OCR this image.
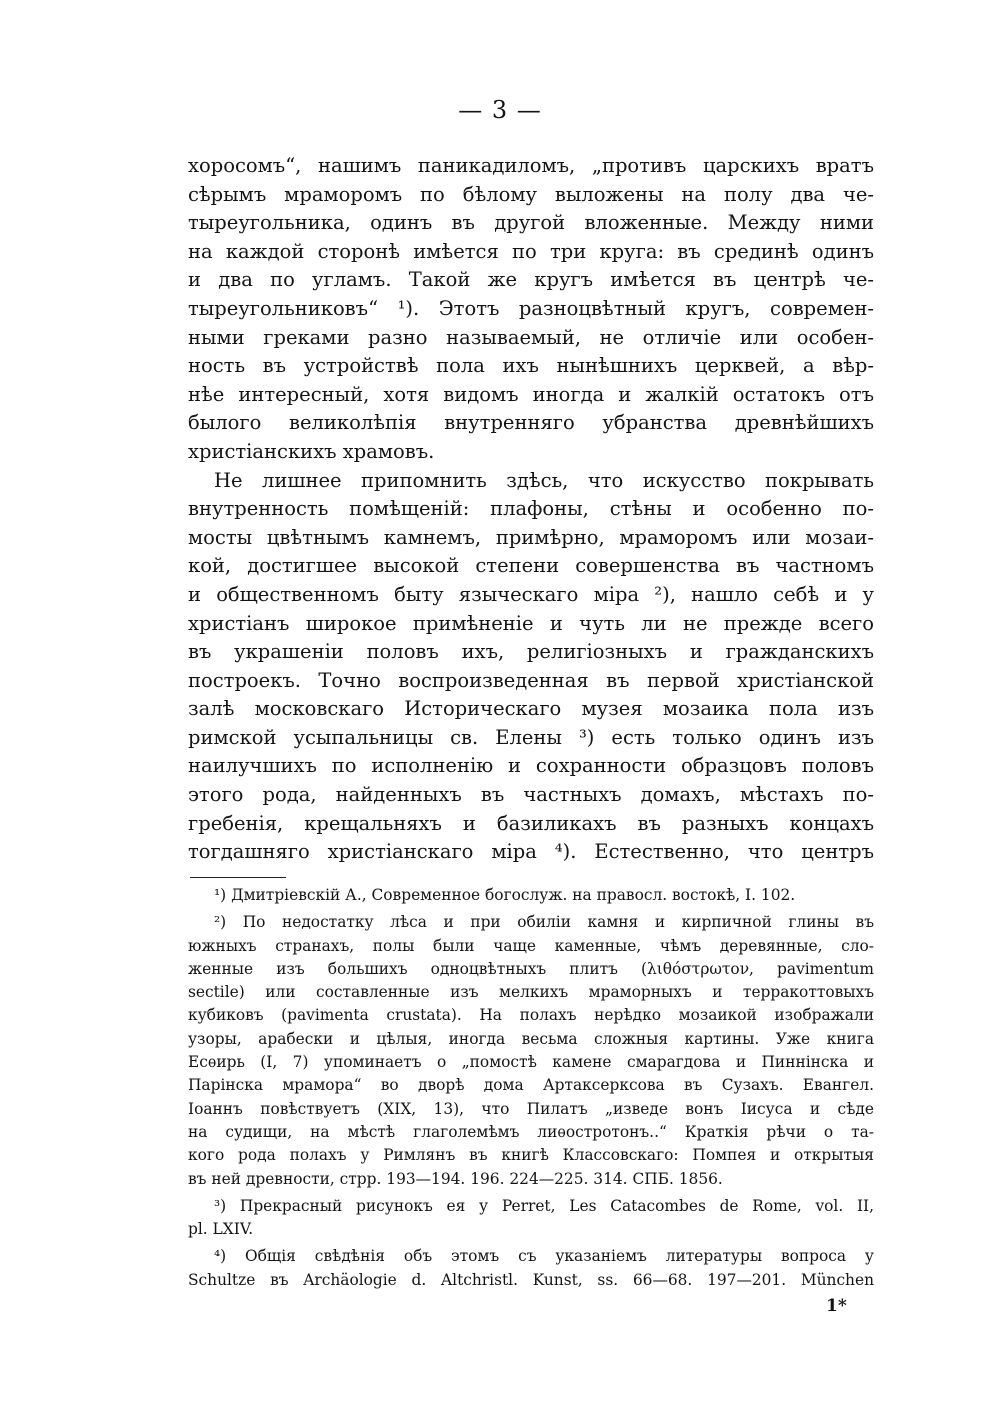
— 3 —
хоросомъ“, нашимъ паникадиломъ, „противъ царскихъ вратъ
сѣрымъ мраморомъ по бѣлому выложены на полу два че-
тыреугольника, одинъ въ другой вложенные. Между ними
на каждой сторонѣ имѣется по три круга: въ срединѣ одинъ
и два по угламъ. Такой же кругъ имѣется въ центрѣ че-
тыреугольниковъ“ ¹). Этотъ разноцвѣтный кругъ, современ-
ными греками разно называемый, не отличіе или особен-
ность въ устройствѣ пола ихъ нынѣшнихъ церквей, а вѣр-
нѣе интересный, хотя видомъ иногда и жалкій остатокъ отъ
былого великолѣпія внутренняго убранства древнѣйшихъ
христіанскихъ храмовъ.
Не лишнее припомнить здѣсь, что искусство покрывать
внутренность помѣщеній: плафоны, стѣны и особенно по-
мосты цвѣтнымъ камнемъ, примѣрно, мраморомъ или мозаи-
кой, достигшее высокой степени совершенства въ частномъ
и общественномъ быту языческаго міра ²), нашло себѣ и у
христіанъ широкое примѣненіе и чуть ли не прежде всего
въ украшеніи половъ ихъ, религіозныхъ и гражданскихъ
построекъ. Точно воспроизведенная въ первой христіанской
залѣ московскаго Историческаго музея мозаика пола изъ
римской усыпальницы св. Елены ³) есть только одинъ изъ
наилучшихъ по исполненію и сохранности образцовъ половъ
этого рода, найденныхъ въ частныхъ домахъ, мѣстахъ по-
гребенія, крещальняхъ и базиликахъ въ разныхъ концахъ
тогдашняго христіанскаго міра ⁴). Естественно, что центръ
¹) Дмитріевскій А., Современное богослуж. на правосл. востокѣ, I. 102.
²) По недостатку лѣса и при обиліи камня и кирпичной глины въ
южныхъ странахъ, полы были чаще каменные, чѣмъ деревянные, сло-
женные изъ большихъ одноцвѣтныхъ плитъ (λιθόστρωτον, pavimentum
sectile) или составленные изъ мелкихъ мраморныхъ и терракоттовыхъ
кубиковъ (pavimenta crustata). На полахъ нерѣдко мозаикой изображали
узоры, арабески и цѣлыя, иногда весьма сложныя картины. Уже книга
Есѳирь (I, 7) упоминаетъ о „помостѣ камене смарагдова и Пиннінска и
Парінска мрамора“ во дворѣ дома Артаксерксова въ Сузахъ. Евангел.
Іоаннъ повѣствуетъ (XIX, 13), что Пилатъ „изведе вонъ Іисуса и сѣде
на судищи, на мѣстѣ глаголемѣмъ лиѳостротонъ..“ Краткія рѣчи о та-
кого рода полахъ у Римлянъ въ книгѣ Классовскаго: Помпея и открытыя
въ ней древности, стрр. 193—194. 196. 224—225. 314. СПБ. 1856.
³) Прекрасный рисунокъ ея у Perret, Les Catacombes de Rome, vol. II,
pl. LXIV.
⁴) Общія свѣдѣнія объ этомъ съ указаніемъ литературы вопроса у
Schultze въ Archäologie d. Altchristl. Kunst, ss. 66—68. 197—201. München
1*
